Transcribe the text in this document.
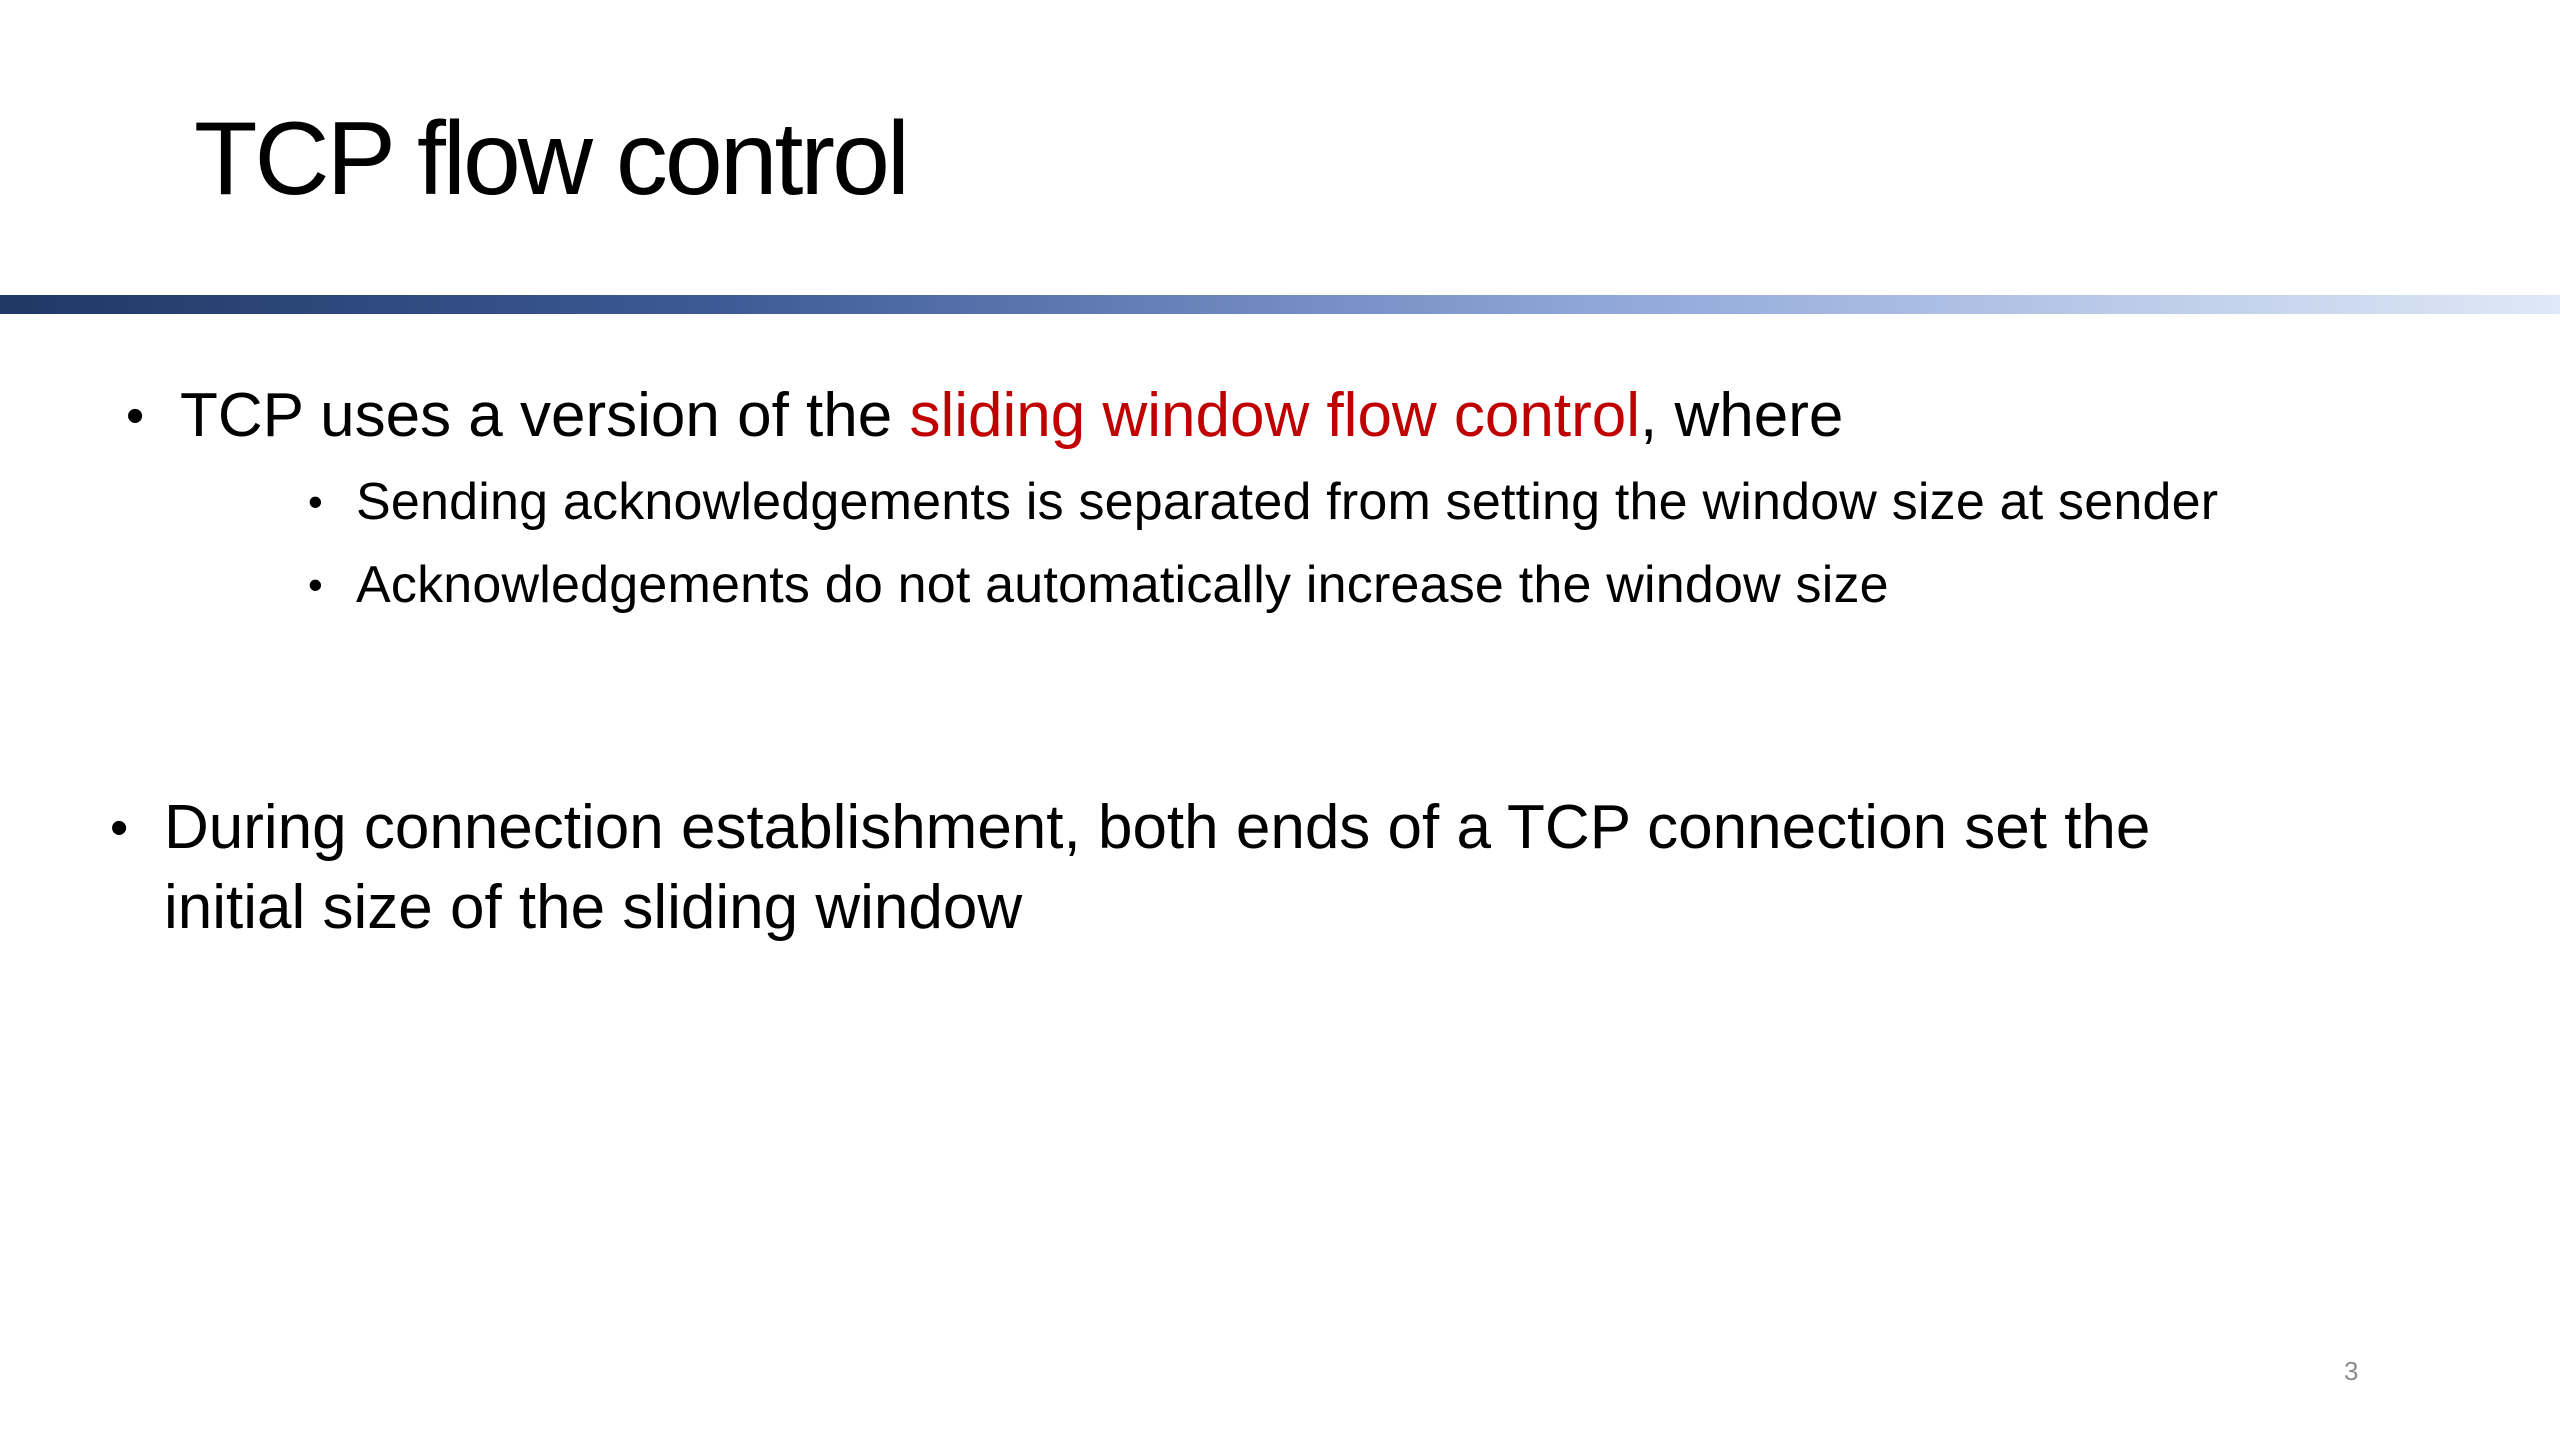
TCP flow control
• TCP uses a version of the sliding window flow control, where
• Sending acknowledgements is separated from setting the window size at sender
• Acknowledgements do not automatically increase the window size
• During connection establishment, both ends of a TCP connection set the
initial size of the sliding window
3
